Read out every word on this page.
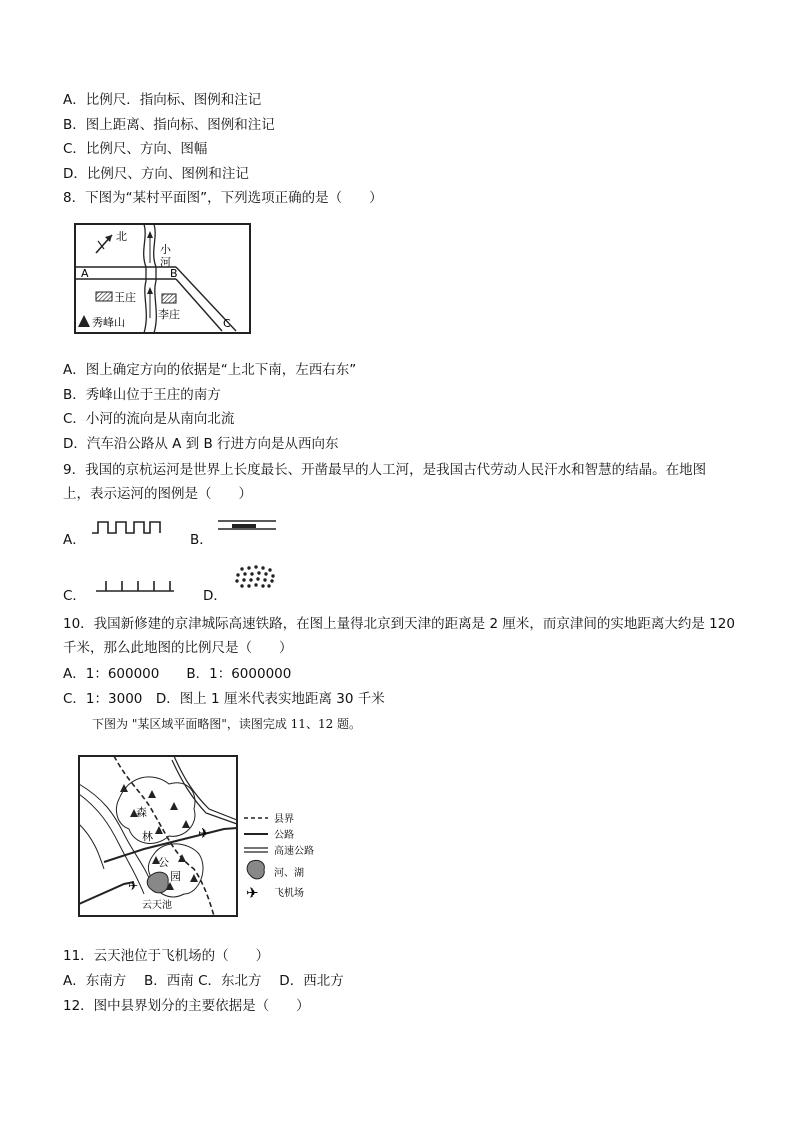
A．比例尺．指向标、图例和注记
B．图上距离、指向标、图例和注记
C．比例尺、方向、图幅
D．比例尺、方向、图例和注记
8．下图为“某村平面图”，下列选项正确的是（　　）
北
小
河
A	B
C
王庄
李庄
秀峰山
A．图上确定方向的依据是“上北下南，左西右东”
B．秀峰山位于王庄的南方
C．小河的流向是从南向北流
D．汽车沿公路从 A 到 B 行进方向是从西向东
9．我国的京杭运河是世界上长度最长、开凿最早的人工河，是我国古代劳动人民汗水和智慧的结晶。在地图
上，表示运河的图例是（　　）
A．	B．
C．	D．
10．我国新修建的京津城际高速铁路，在图上量得北京到天津的距离是 2 厘米，而京津间的实地距离大约是 120
千米，那么此地图的比例尺是（　　）
A．1：600000　　B．1：6000000
C．1：3000　D．图上 1 厘米代表实地距离 30 千米
下图为 "某区域平面略图"，读图完成 11、12 题。
✈
✈
森
林
公
园
云天池
县界
公路
高速公路
河、湖
✈ 飞机场
11．云天池位于飞机场的（　　）
A．东南方　 B．西南 C．东北方　 D．西北方
12．图中县界划分的主要依据是（　　）
